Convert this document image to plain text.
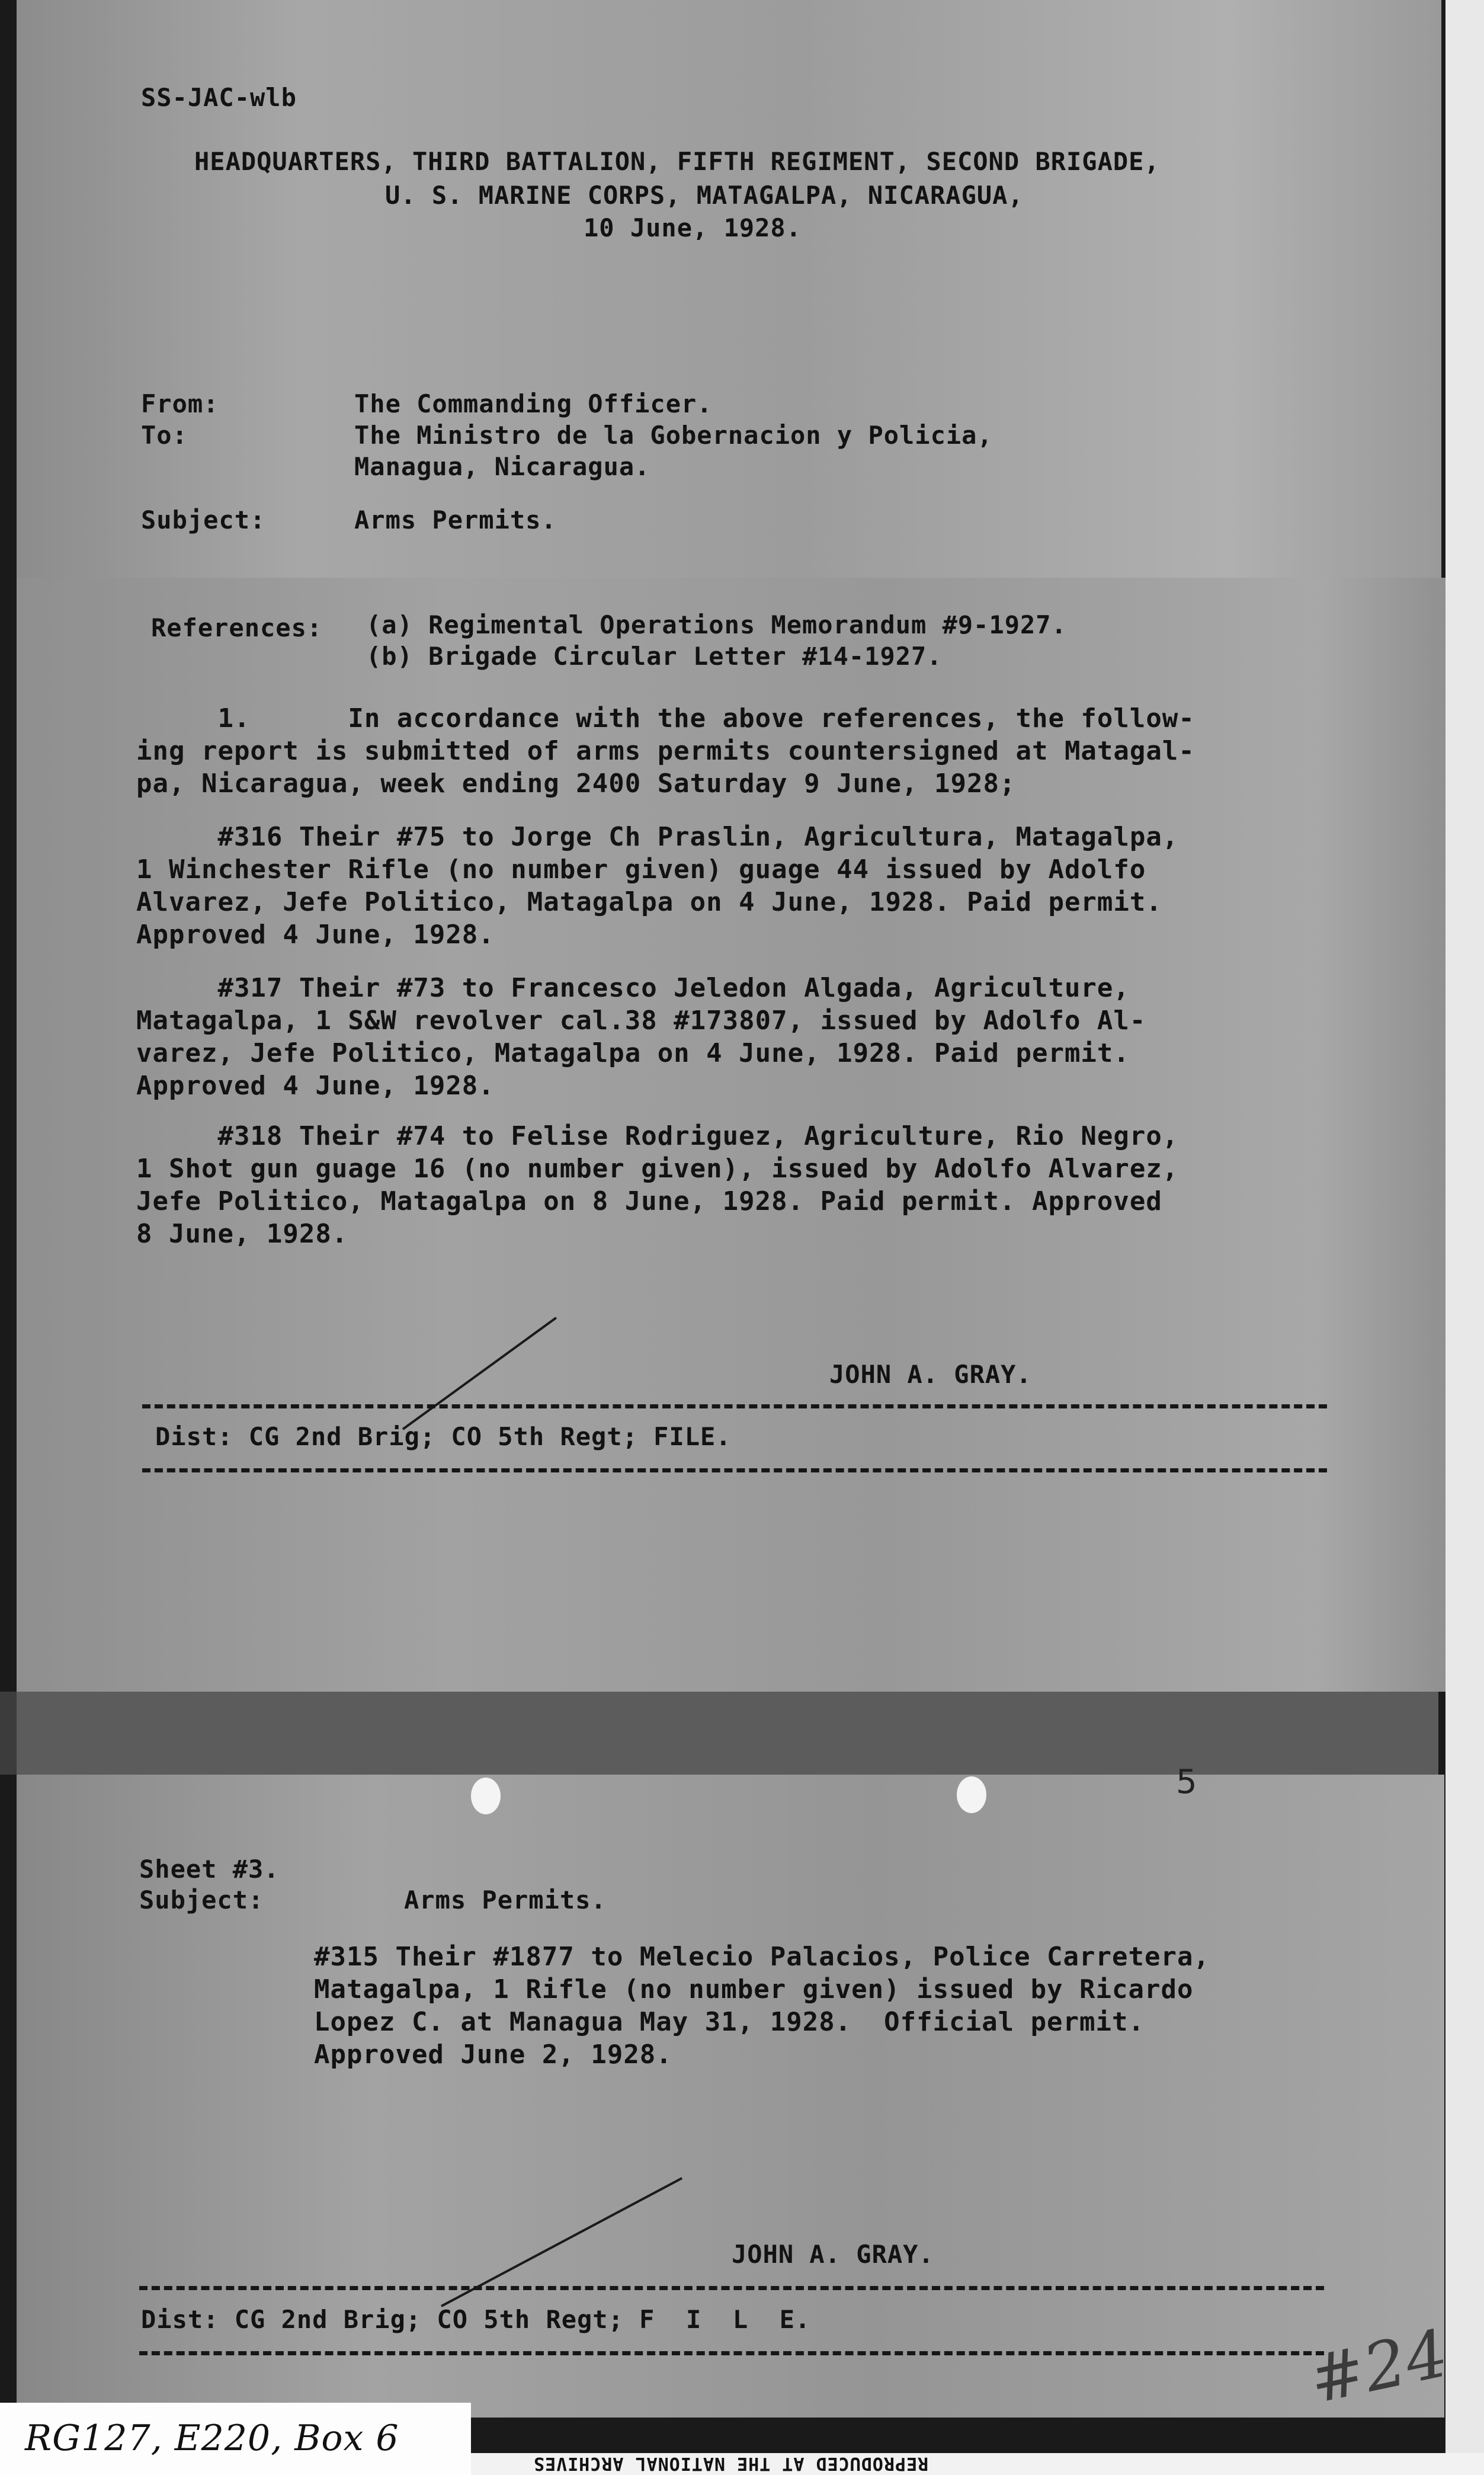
SS-JAC-wlb
HEADQUARTERS, THIRD BATTALION, FIFTH REGIMENT, SECOND BRIGADE,
U. S. MARINE CORPS, MATAGALPA, NICARAGUA,
10 June, 1928.
From:	The Commanding Officer.
To:	The Ministro de la Gobernacion y Policia,
Managua, Nicaragua.
Subject:	Arms Permits.
References: (a) Regimental Operations Memorandum #9-1927.
(b) Brigade Circular Letter #14-1927.
1.      In accordance with the above references, the follow-
ing report is submitted of arms permits countersigned at Matagal-
pa, Nicaragua, week ending 2400 Saturday 9 June, 1928;
#316 Their #75 to Jorge Ch Praslin, Agricultura, Matagalpa,
1 Winchester Rifle (no number given) guage 44 issued by Adolfo
Alvarez, Jefe Politico, Matagalpa on 4 June, 1928. Paid permit.
Approved 4 June, 1928.
#317 Their #73 to Francesco Jeledon Algada, Agriculture,
Matagalpa, 1 S&W revolver cal.38 #173807, issued by Adolfo Al-
varez, Jefe Politico, Matagalpa on 4 June, 1928. Paid permit.
Approved 4 June, 1928.
#318 Their #74 to Felise Rodriguez, Agriculture, Rio Negro,
1 Shot gun guage 16 (no number given), issued by Adolfo Alvarez,
Jefe Politico, Matagalpa on 8 June, 1928. Paid permit. Approved
8 June, 1928.
JOHN A. GRAY.
Dist: CG 2nd Brig; CO 5th Regt; FILE.
5
Sheet #3.
Subject:	Arms Permits.
#315 Their #1877 to Melecio Palacios, Police Carretera,
Matagalpa, 1 Rifle (no number given) issued by Ricardo
Lopez C. at Managua May 31, 1928.  Official permit.
Approved June 2, 1928.
JOHN A. GRAY.
Dist: CG 2nd Brig; CO 5th Regt; F  I  L  E.	#24
RG127, E220, Box 6
REPRODUCED AT THE NATIONAL ARCHIVES
